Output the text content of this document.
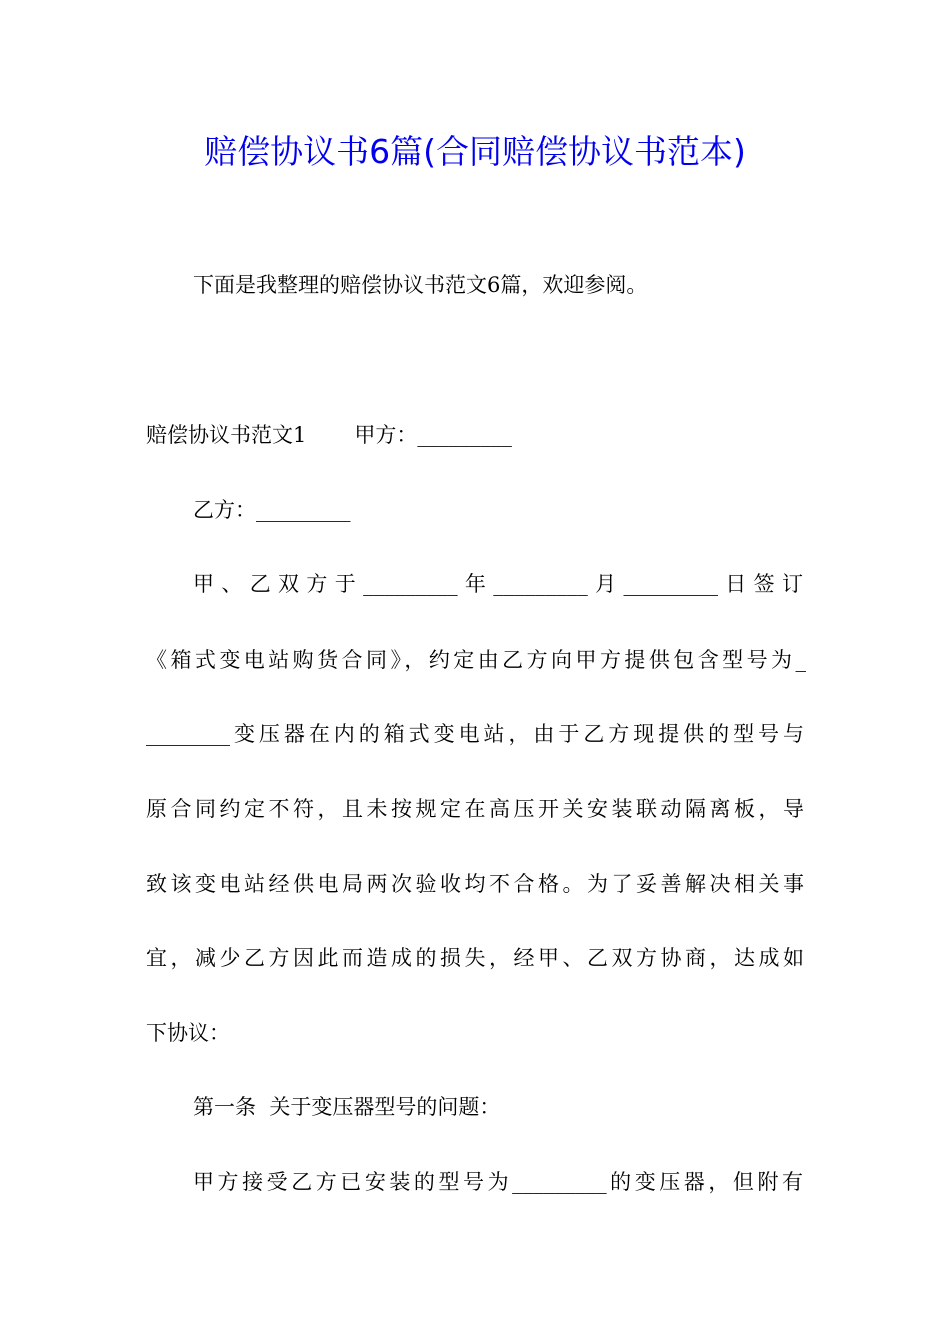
赔偿协议书6篇(合同赔偿协议书范本)
下面是我整理的赔偿协议书范文6篇，欢迎参阅。
赔偿协议书范文1 甲方：_________
乙方：_________
甲、乙双方于_________年_________月_________日签订
《箱式变电站购货合同》，约定由乙方向甲方提供包含型号为_
________变压器在内的箱式变电站，由于乙方现提供的型号与
原合同约定不符，且未按规定在高压开关安装联动隔离板，导
致该变电站经供电局两次验收均不合格。为了妥善解决相关事
宜，减少乙方因此而造成的损失，经甲、乙双方协商，达成如
下协议：
第一条  关于变压器型号的问题：
甲方接受乙方已安装的型号为_________的变压器，但附有
